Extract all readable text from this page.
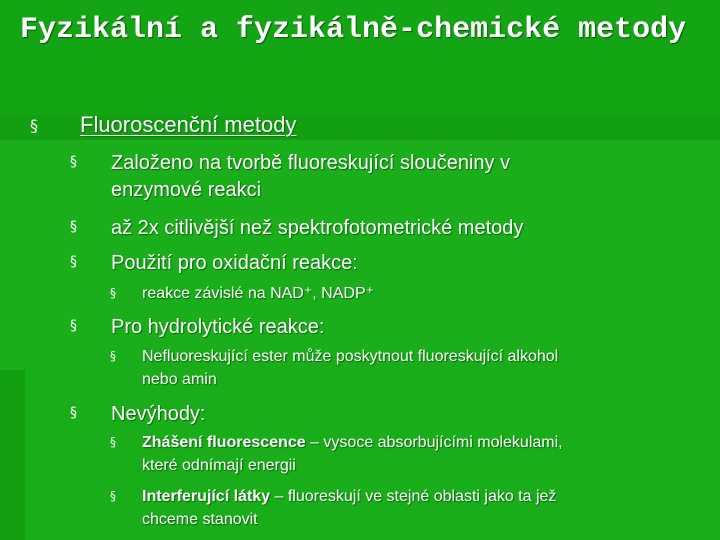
Fyzikální a fyzikálně-chemické metody
§ Fluoroscenční metody
§ Založeno na tvorbě fluoreskující sloučeniny v
enzymové reakci
§ až 2x citlivější než spektrofotometrické metody
§ Použití pro oxidační reakce:
§ reakce závislé na NAD⁺, NADP⁺
§ Pro hydrolytické reakce:
§ Nefluoreskující ester může poskytnout fluoreskující alkohol
nebo amin
§ Nevýhody:
§ Zhášení fluorescence – vysoce absorbujícími molekulami,
které odnímají energii
§ Interferující látky – fluoreskují ve stejné oblasti jako ta jež
chceme stanovit
